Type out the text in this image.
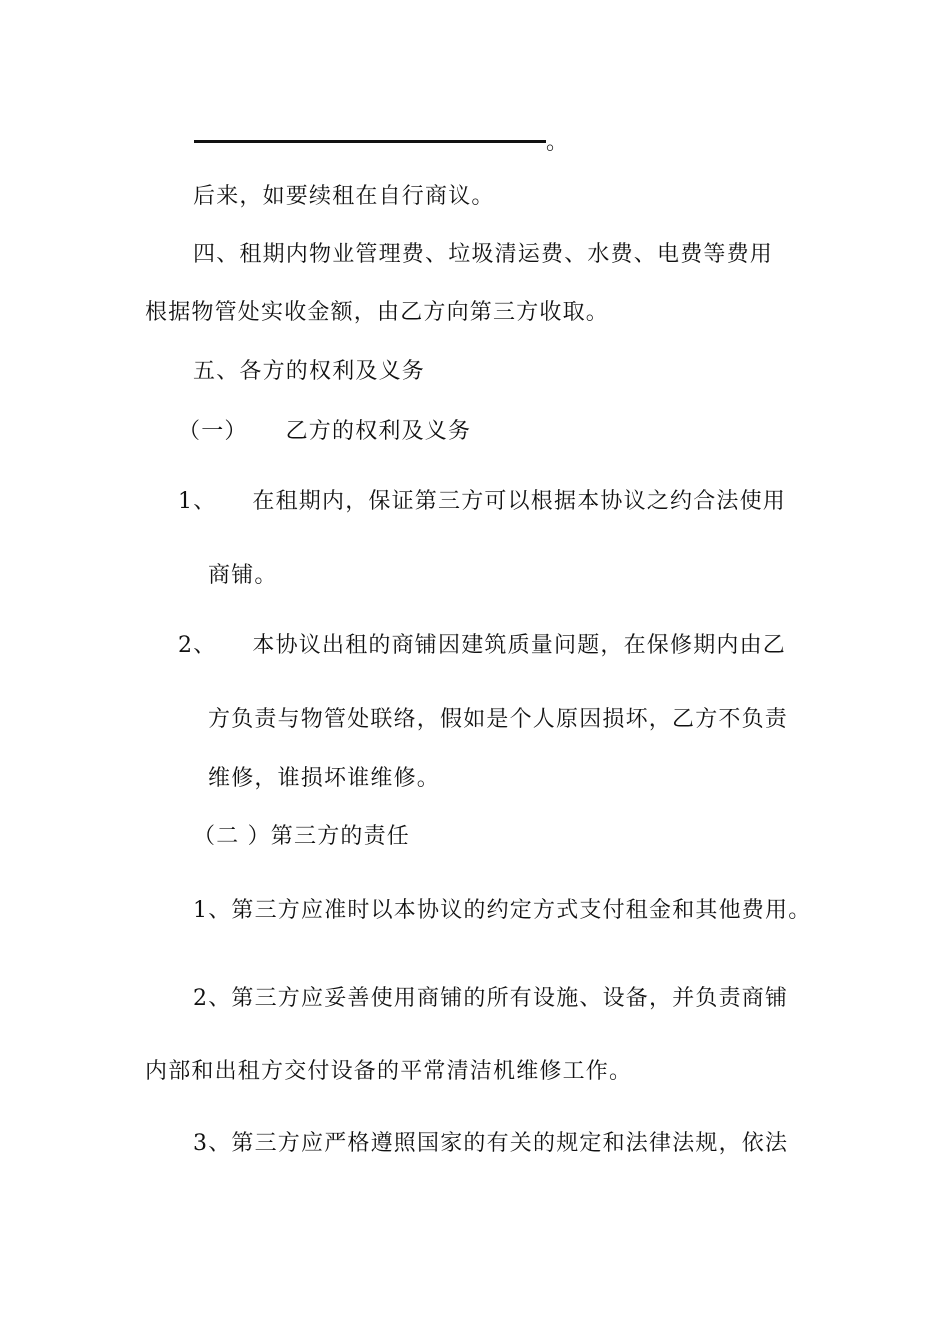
。
后来，如要续租在自行商议。
四、租期内物业管理费、垃圾清运费、水费、电费等费用
根据物管处实收金额，由乙方向第三方收取。
五、各方的权利及义务
（一） 乙方的权利及义务
1、 在租期内，保证第三方可以根据本协议之约合法使用
商铺。
2、 本协议出租的商铺因建筑质量问题，在保修期内由乙
方负责与物管处联络，假如是个人原因损坏，乙方不负责
维修，谁损坏谁维修。
（二 ）第三方的责任
1、第三方应准时以本协议的约定方式支付租金和其他费用。
2、第三方应妥善使用商铺的所有设施、设备，并负责商铺
内部和出租方交付设备的平常清洁机维修工作。
3、第三方应严格遵照国家的有关的规定和法律法规，依法
